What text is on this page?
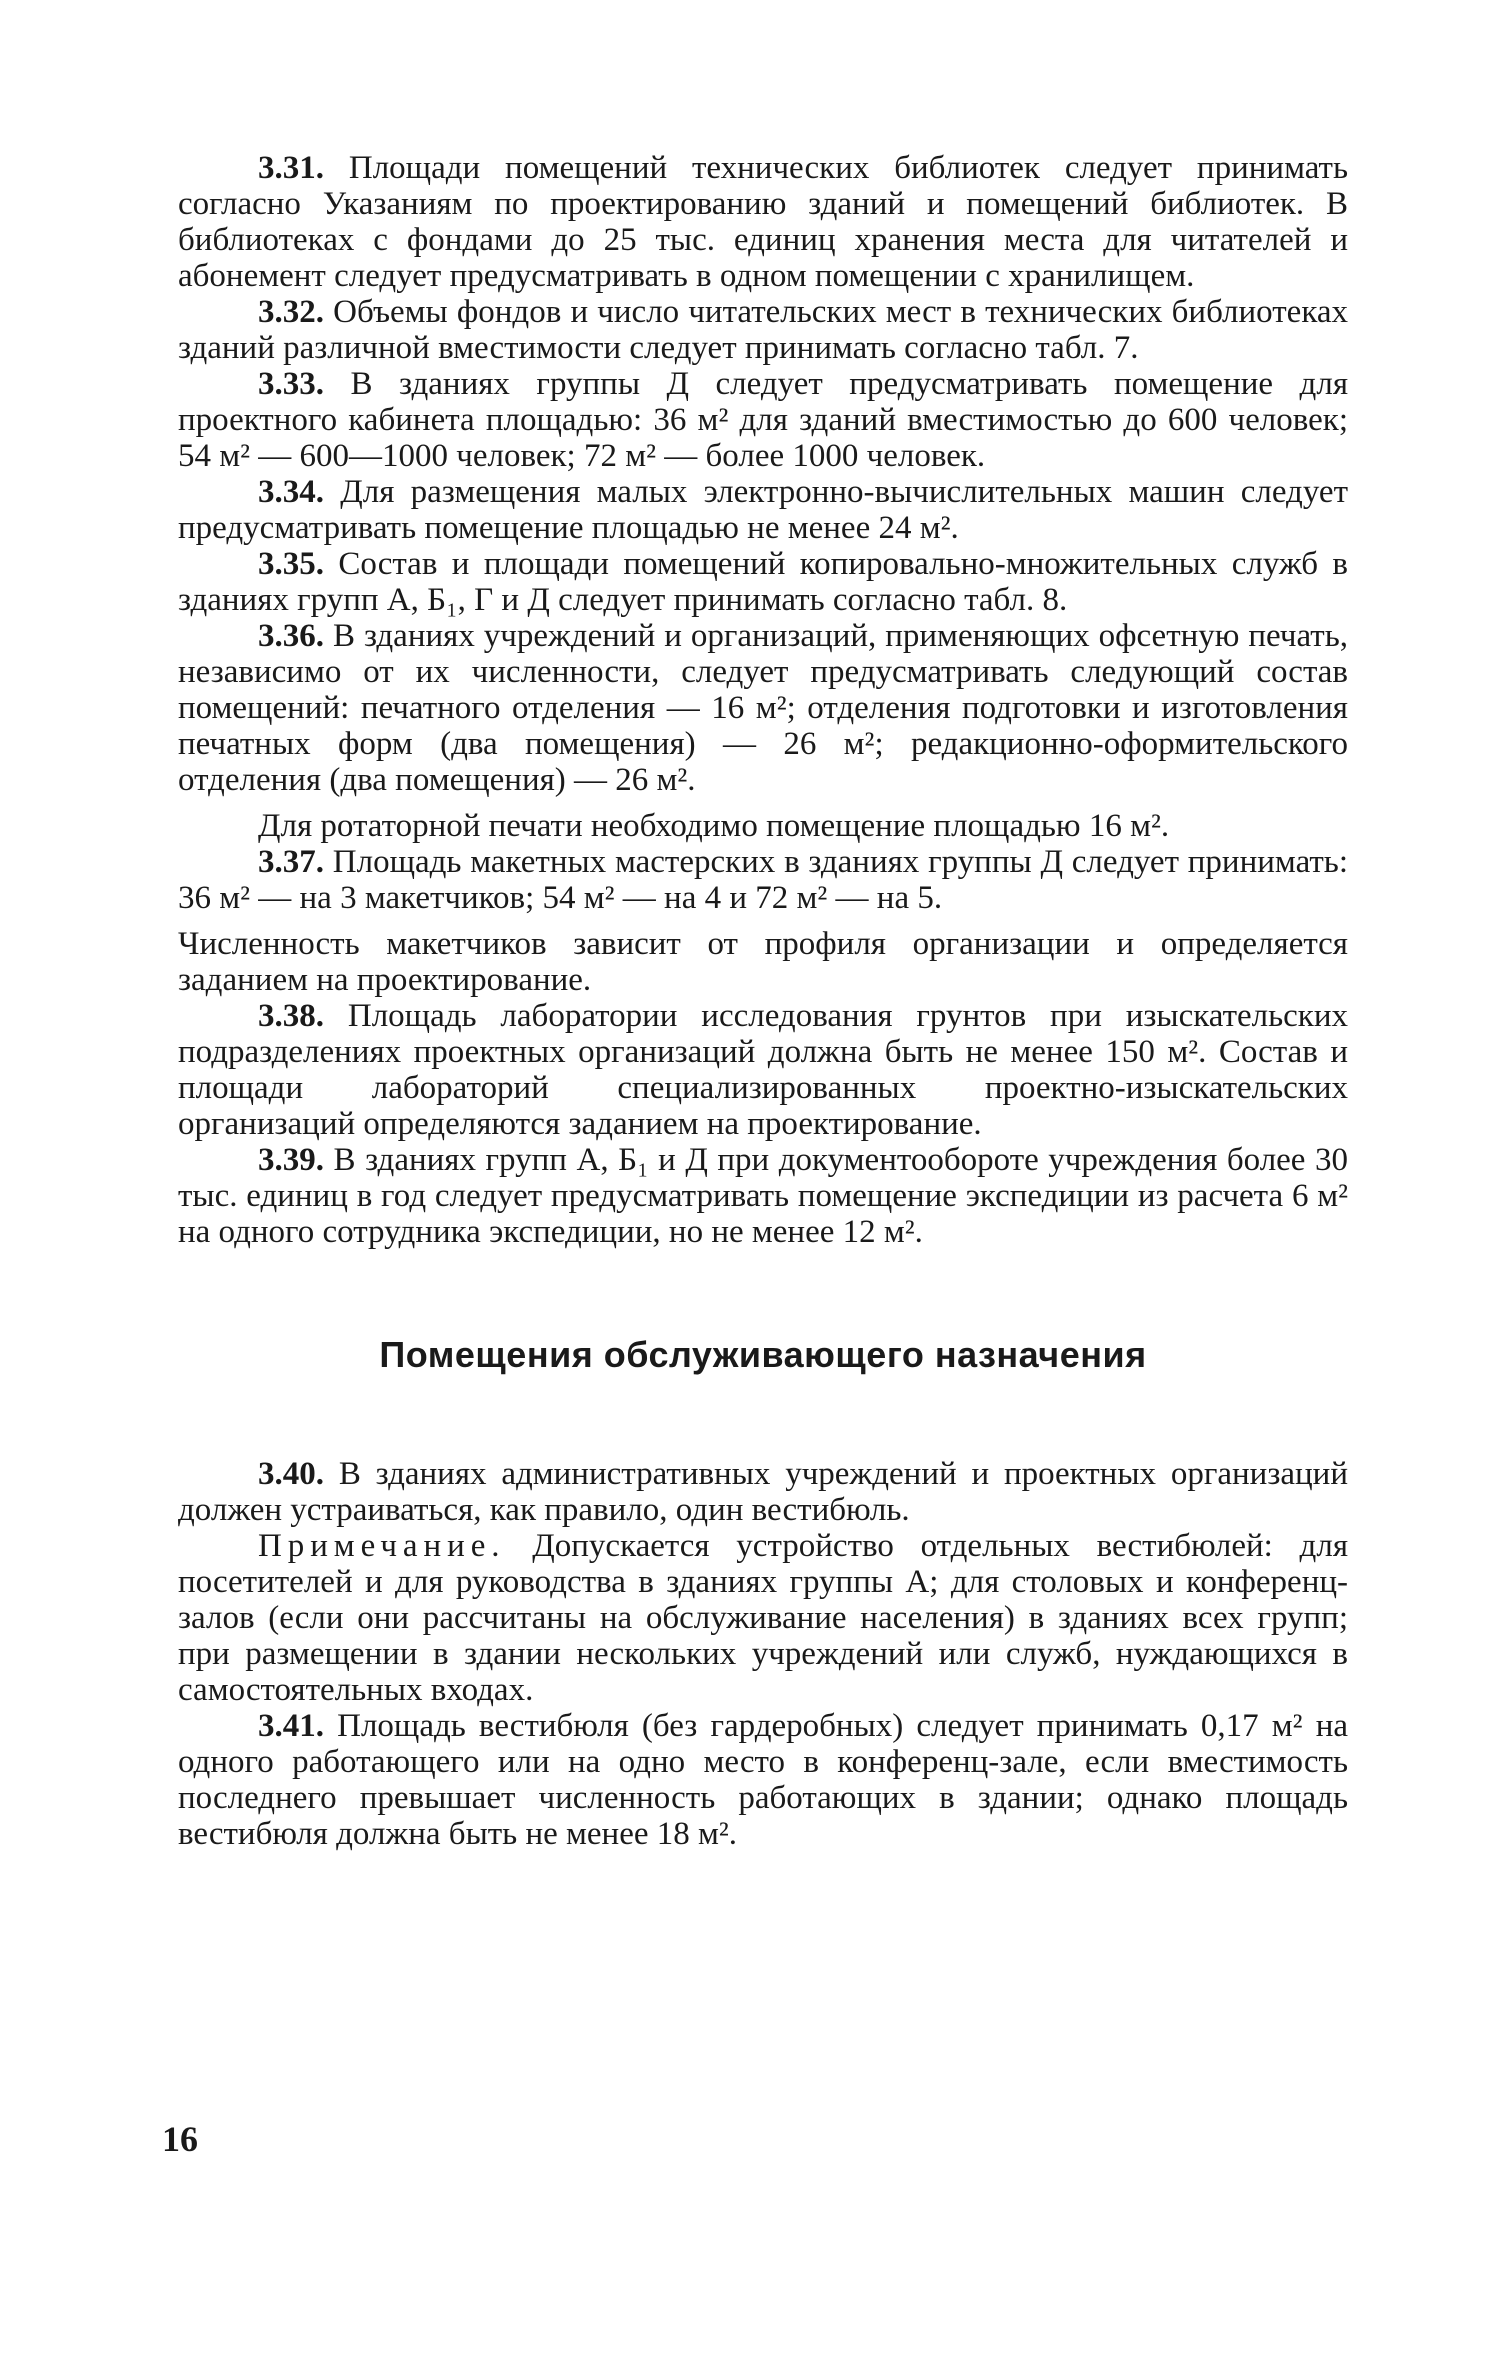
3.31. Площади помещений технических библиотек следует принимать согласно Указаниям по проектированию зданий и помещений библиотек. В библиотеках с фондами до 25 тыс. единиц хранения места для читателей и абонемент следует предусматривать в одном помещении с хранилищем.

3.32. Объемы фондов и число читательских мест в технических библиотеках зданий различной вместимости следует принимать согласно табл. 7.

3.33. В зданиях группы Д следует предусматривать помещение для проектного кабинета площадью: 36 м² для зданий вместимостью до 600 человек; 54 м² — 600—1000 человек; 72 м² — более 1000 человек.

3.34. Для размещения малых электронно-вычислительных машин следует предусматривать помещение площадью не менее 24 м².

3.35. Состав и площади помещений копировально-множительных служб в зданиях групп А, Б₁, Г и Д следует принимать согласно табл. 8.

3.36. В зданиях учреждений и организаций, применяющих офсетную печать, независимо от их численности, следует предусматривать следующий состав помещений: печатного отделения — 16 м²; отделения подготовки и изготовления печатных форм (два помещения) — 26 м²; редакционно-оформительского отделения (два помещения) — 26 м².

Для ротаторной печати необходимо помещение площадью 16 м².

3.37. Площадь макетных мастерских в зданиях группы Д следует принимать: 36 м² — на 3 макетчиков; 54 м² — на 4 и 72 м² — на 5.

Численность макетчиков зависит от профиля организации и определяется заданием на проектирование.

3.38. Площадь лаборатории исследования грунтов при изыскательских подразделениях проектных организаций должна быть не менее 150 м². Состав и площади лабораторий специализированных проектно-изыскательских организаций определяются заданием на проектирование.

3.39. В зданиях групп А, Б₁ и Д при документообороте учреждения более 30 тыс. единиц в год следует предусматривать помещение экспедиции из расчета 6 м² на одного сотрудника экспедиции, но не менее 12 м².

Помещения обслуживающего назначения

3.40. В зданиях административных учреждений и проектных организаций должен устраиваться, как правило, один вестибюль.

Примечание. Допускается устройство отдельных вестибюлей: для посетителей и для руководства в зданиях группы А; для столовых и конференц-залов (если они рассчитаны на обслуживание населения) в зданиях всех групп; при размещении в здании нескольких учреждений или служб, нуждающихся в самостоятельных входах.

3.41. Площадь вестибюля (без гардеробных) следует принимать 0,17 м² на одного работающего или на одно место в конференц-зале, если вместимость последнего превышает численность работающих в здании; однако площадь вестибюля должна быть не менее 18 м².

16
